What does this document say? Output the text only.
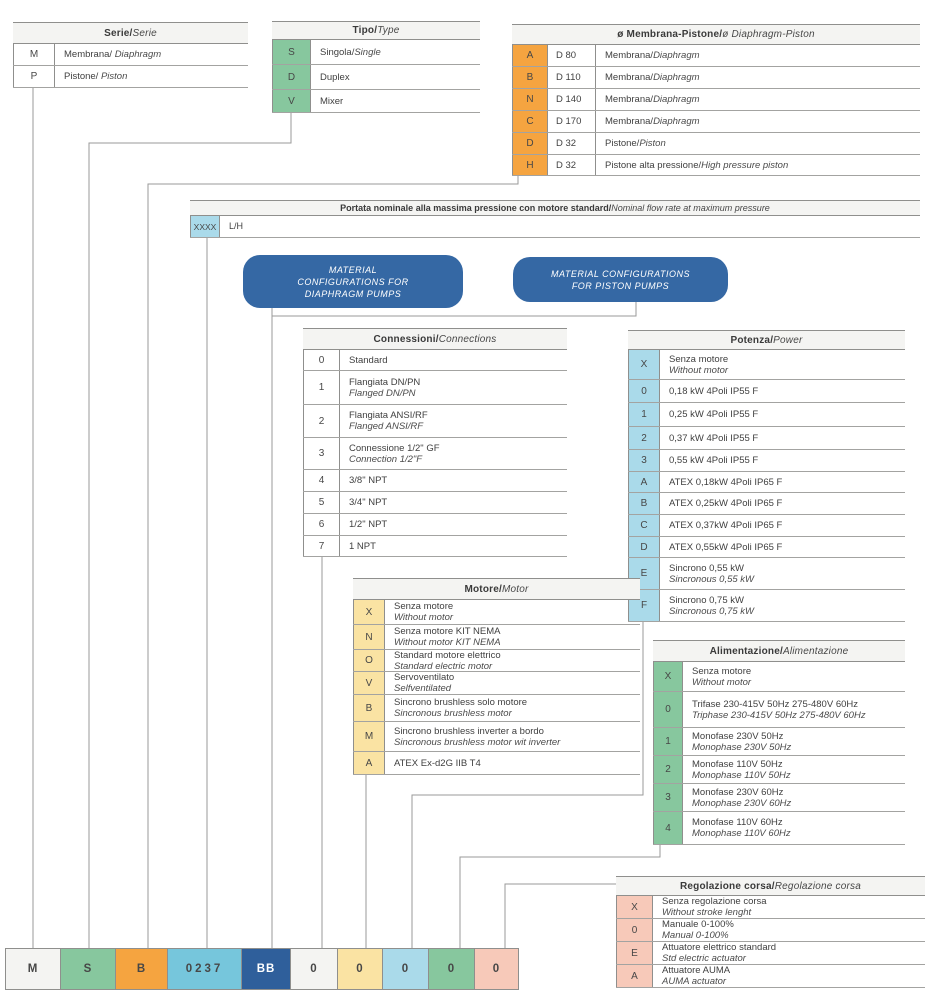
Serie/ Serie
M	Membrana/ Diaphragm
P	Pistone/ Piston
Tipo/ Type
S	Singola/Single
D	Duplex
V	Mixer
ø Membrana-Pistone/ ø Diaphragm-Piston
A	D 80	Membrana/Diaphragm
B	D 110	Membrana/Diaphragm
N	D 140	Membrana/Diaphragm
C	D 170	Membrana/Diaphragm
D	D 32	Pistone/Piston
H	D 32	Pistone alta pressione/High pressure piston
Connessioni/ Connections
0	Standard
1	Flangiata DN/PN
Flanged DN/PN
2	Flangiata ANSI/RF
Flanged ANSI/RF
3	Connessione 1/2" GF
Connection 1/2"F
4	3/8" NPT
5	3/4" NPT
6	1/2" NPT
7	1 NPT
Potenza/ Power
X	Senza motore
Without motor
0	0,18 kW 4Poli IP55 F
1	0,25 kW 4Poli IP55 F
2	0,37 kW 4Poli IP55 F
3	0,55 kW 4Poli IP55 F
A	ATEX 0,18kW 4Poli IP65 F
B	ATEX 0,25kW 4Poli IP65 F
C	ATEX 0,37kW 4Poli IP65 F
D	ATEX 0,55kW 4Poli IP65 F
E	Sincrono 0,55 kW
Sincronous 0,55 kW
F	Sincrono 0,75 kW
Sincronous 0,75 kW
Motore/ Motor
X	Senza motore
Without motor
N	Senza motore KIT NEMA
Without motor KIT NEMA
O	Standard motore elettrico
Standard electric motor
V	Servoventilato
Selfventilated
B	Sincrono brushless solo motore
Sincronous brushless motor
M	Sincrono brushless inverter a bordo
Sincronous brushless motor wit inverter
A	ATEX Ex-d2G IIB T4
Alimentazione/ Alimentazione
X	Senza motore
Without motor
0	Trifase 230-415V 50Hz 275-480V 60Hz
Triphase 230-415V 50Hz 275-480V 60Hz
1	Monofase 230V 50Hz
Monophase 230V 50Hz
2	Monofase 110V 50Hz
Monophase 110V 50Hz
3	Monofase 230V 60Hz
Monophase 230V 60Hz
4	Monofase 110V 60Hz
Monophase 110V 60Hz
Regolazione corsa/ Regolazione corsa
X	Senza regolazione corsa
Without stroke lenght
0	Manuale 0-100%
Manual 0-100%
E	Attuatore elettrico standard
Std electric actuator
A	Attuatore AUMA
AUMA actuator
Portata nominale alla massima pressione con motore standard/ Nominal flow rate at maximum pressure
XXXX	L/H
MATERIAL
CONFIGURATIONS FOR
DIAPHRAGM PUMPS
MATERIAL CONFIGURATIONS
FOR PISTON PUMPS
M	S	B	0237	BB	0	0	0	0	0
